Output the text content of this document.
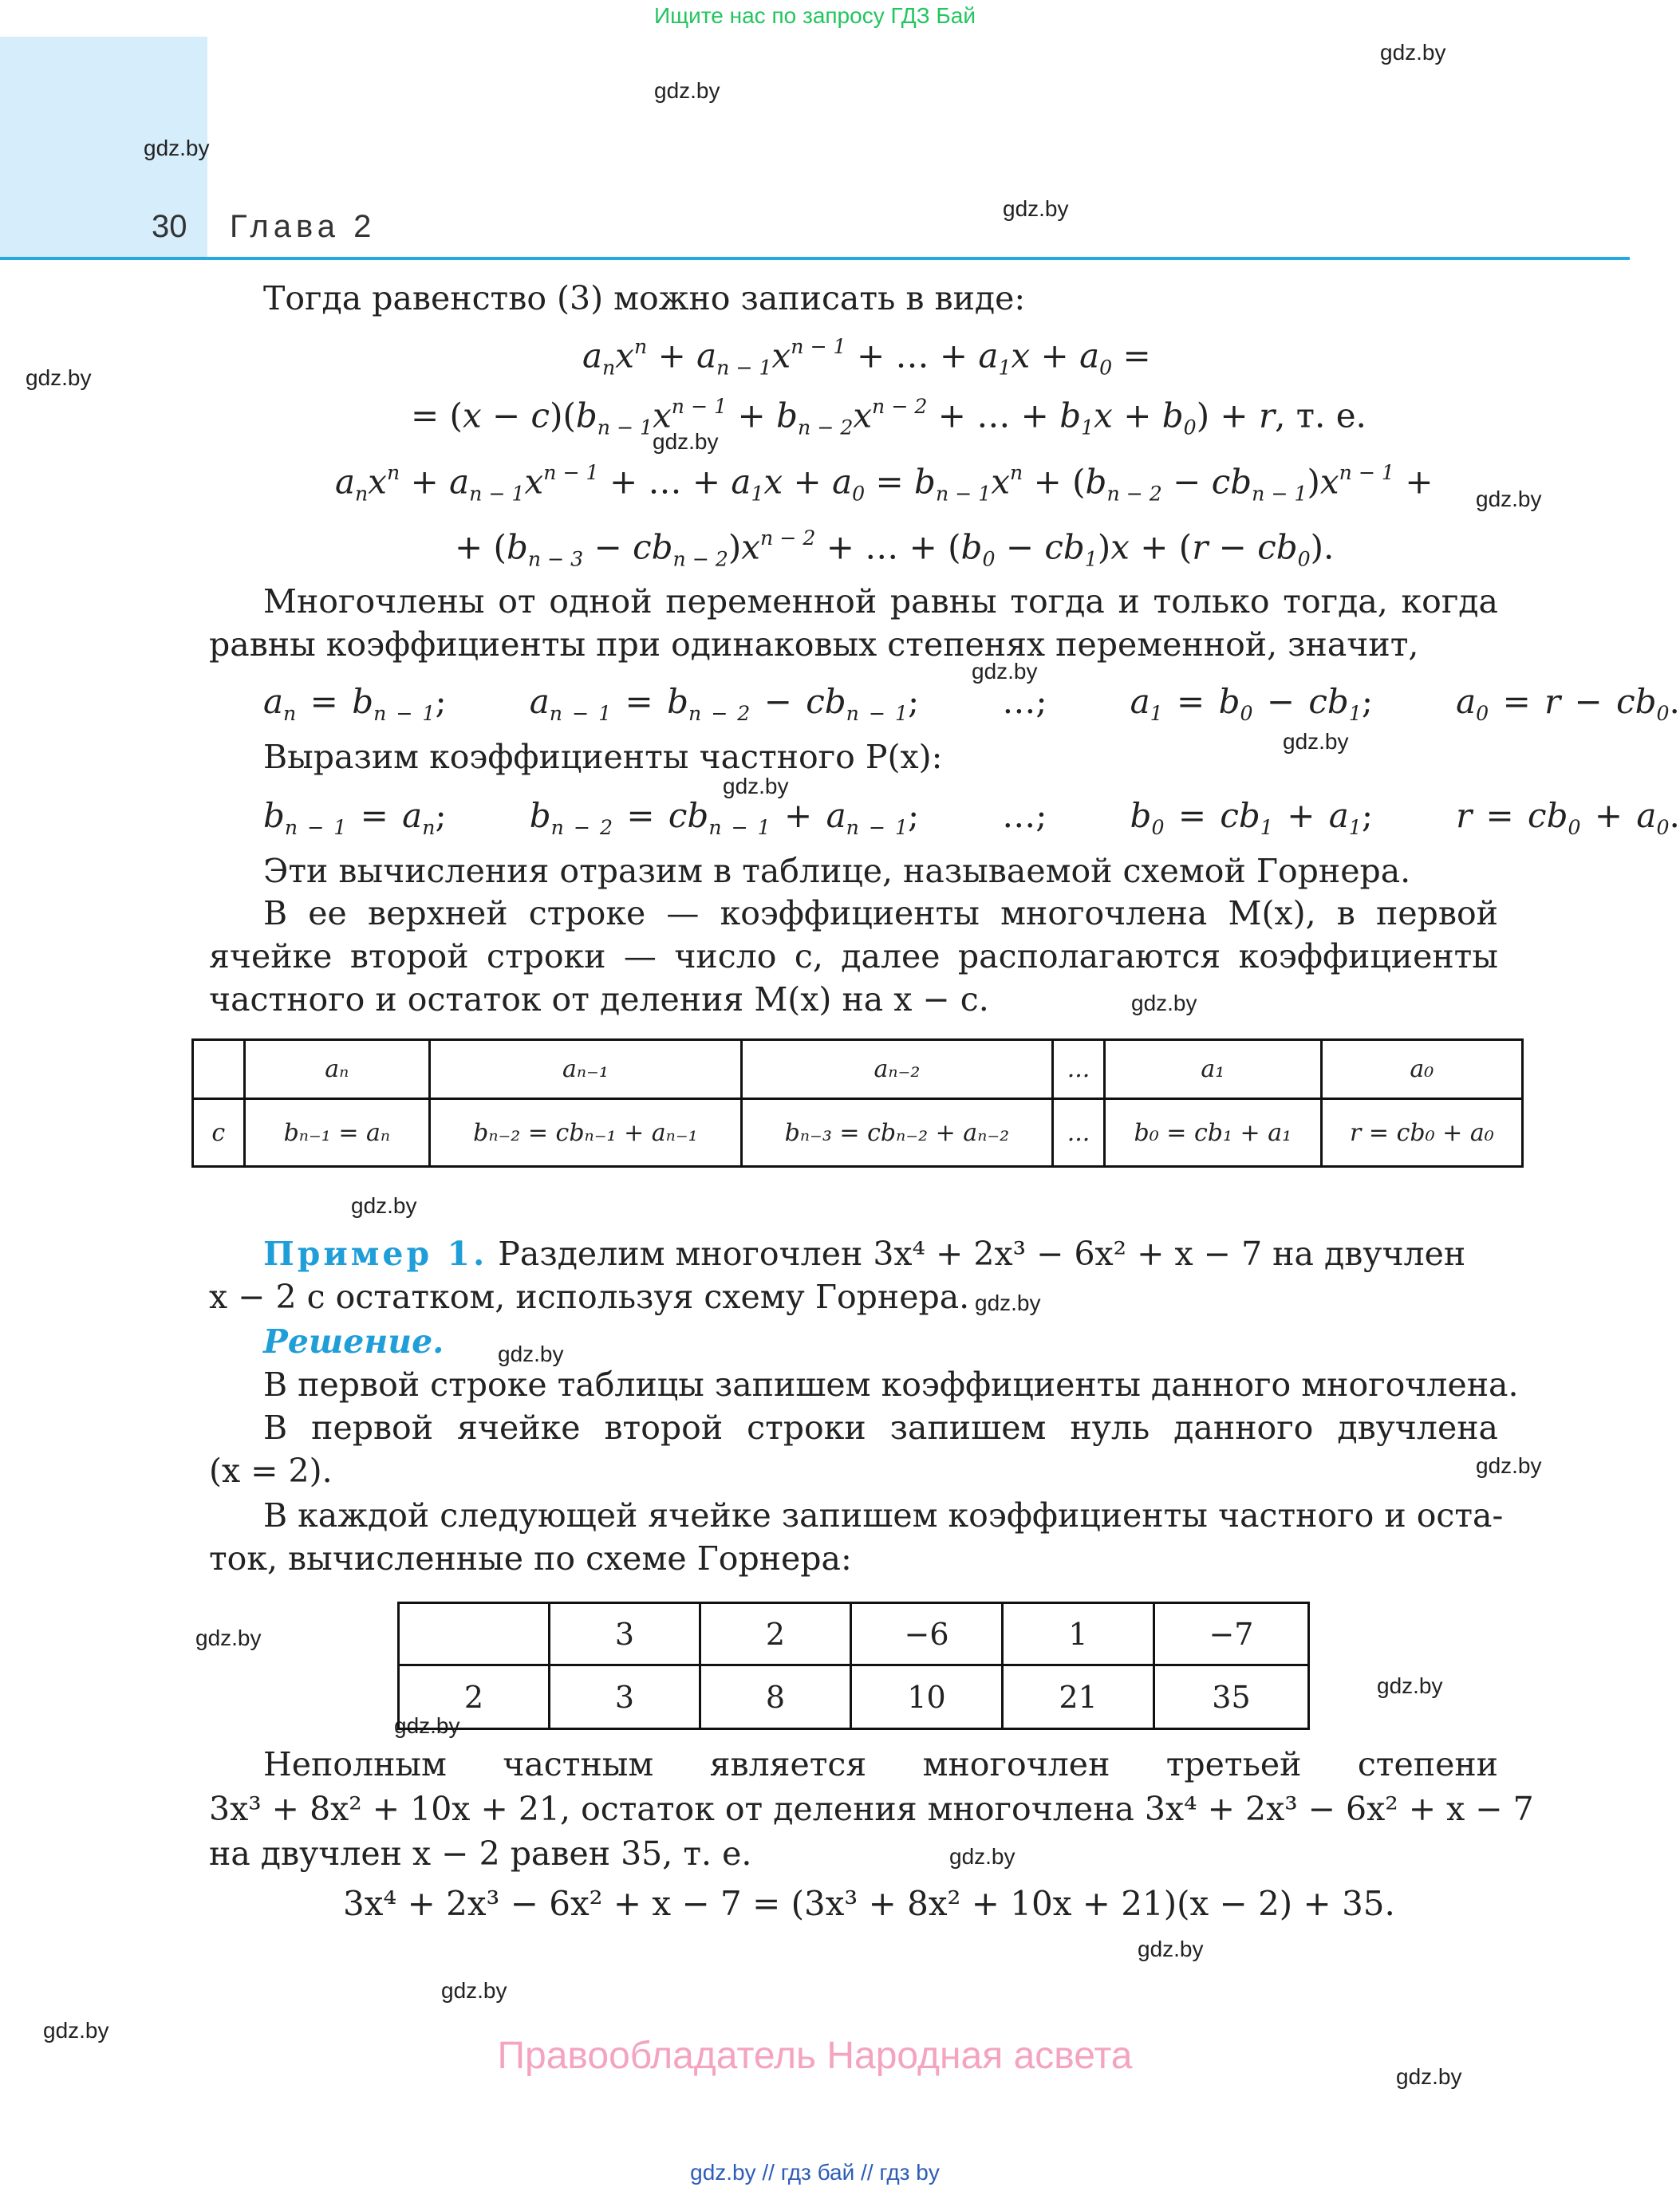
Ищите нас по запросу ГДЗ Бай
30 Глава 2
gdz.by
gdz.by
gdz.by
gdz.by
gdz.by
gdz.by
gdz.by
gdz.by
gdz.by
gdz.by
gdz.by
gdz.by
gdz.by
gdz.by
gdz.by
gdz.by
gdz.by
gdz.by
gdz.by
gdz.by
gdz.by
gdz.by
gdz.by
Тогда равенство (3) можно записать в виде:
$a_nx^n + a_{n - 1}x^{n - 1}$ + … + $a_1x + a_0$ =
= $(x - c)(b_{n - 1}x^{n - 1} + b_{n - 2}x^{n - 2}$ + … + $b_1x + b_0) + r$, т. е.
$a_nx^n + a_{n - 1}x^{n - 1}$ + … + $a_1x + a_0 = b_{n - 1}x^n + (b_{n - 2} - cb_{n - 1})x^{n - 1}$ +
+ $(b_{n - 3} - cb_{n - 2})x^{n - 2}$ + … + $(b_0 - cb_1)x + (r - cb_0)$.
Многочлены от одной переменной равны тогда и только тогда, когда равны коэффициенты при одинаковых степенях переменной, значит,
$a_n = b_{n - 1}$;      $a_{n - 1} = b_{n - 2} - cb_{n - 1}$; …;      $a_1 = b_0 - cb_1$;      $a_0 = r - cb_0$.
Выразим коэффициенты частного P(x):
$b_{n - 1} = a_n$;      $b_{n - 2} = cb_{n - 1} + a_{n - 1}$; …;      $b_0 = cb_1 + a_1$;      $r = cb_0 + a_0$.
Эти вычисления отразим в таблице, называемой схемой Горнера.
В ее верхней строке — коэффициенты многочлена M(x), в первой ячейке второй строки — число c, далее располагаются коэффициенты частного и остаток от деления M(x) на x − c.
	aₙ	aₙ₋₁	aₙ₋₂	...	a₁	a₀
c	bₙ₋₁ = aₙ	bₙ₋₂ = cbₙ₋₁ + aₙ₋₁	bₙ₋₃ = cbₙ₋₂ + aₙ₋₂	...	b₀ = cb₁ + a₁	r = cb₀ + a₀
Пример 1. Разделим многочлен 3x⁴ + 2x³ − 6x² + x − 7 на двучлен
x − 2 с остатком, используя схему Горнера.
Решение.
В первой строке таблицы запишем коэффициенты данного многочлена.
В первой ячейке второй строки запишем нуль данного двучлена
(x = 2).
В каждой следующей ячейке запишем коэффициенты частного и оста-
ток, вычисленные по схеме Горнера:
	3	2	−6	1	−7
2	3	8	10	21	35
Неполным частным является многочлен третьей степени
3x³ + 8x² + 10x + 21, остаток от деления многочлена 3x⁴ + 2x³ − 6x² + x − 7
на двучлен x − 2 равен 35, т. е.
3x⁴ + 2x³ − 6x² + x − 7 = (3x³ + 8x² + 10x + 21)(x − 2) + 35.
Правообладатель Народная асвета
gdz.by // гдз бай // гдз by
